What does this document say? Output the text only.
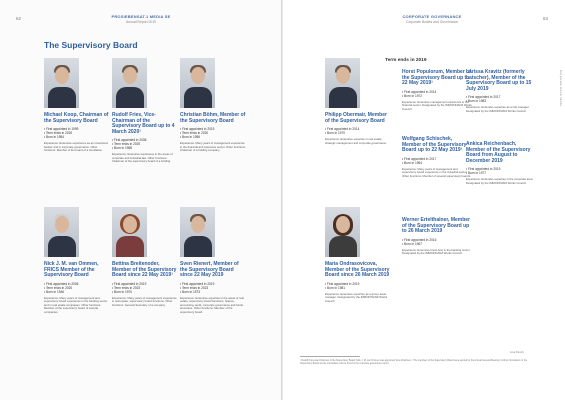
62	PROSIEBENSAT.1 MEDIA SE
Annual Report 2019
The Supervisory Board
Michael Koop, Chairman of the Supervisory Board
• First appointed in 1999
• Term ends in 2020
• Born in 1954
Experience: Extensive experience as an investment banker and in corporate governance. Other functions: Member of the board of a foundation.
Rudolf Fries, Vice-Chairman of the Supervisory Board up to 4 March 2020¹
• First appointed in 2008
• Term ends in 2020
• Born in 1958
Experience: Extensive experience in the areas of corporate and industrial law. Other functions: Chairman of the supervisory board of a holding.
Christian Böhm, Member of the Supervisory Board
• First appointed in 2015
• Term ends in 2020
• Born in 1956
Experience: Many years of management experience in the financial and insurance sector. Other functions: Chairman of a holding company.
Nick J. M. van Ommen, FRICS Member of the Supervisory Board
• First appointed in 2006
• Term ends in 2020
• Born in 1946
Experience: Many years of management and supervisory board experience in the banking sector and in real estate companies. Other functions: Member of the supervisory board of several companies.
Bettina Breitenoder, Member of the Supervisory Board since 22 May 2019¹
• First appointed in 2019
• Term ends in 2023
• Born in 1970
Experience: Many years of management experience in real estate, supervisory board functions. Other functions: General Secretary of a company.
Sven Rienert, Member of the Supervisory Board since 22 May 2019
• First appointed in 2019
• Term ends in 2023
• Born in 1973
Experience: Extensive expertise in the areas of real estate, supervisory board functions, finance, accounting, audit, corporate governance and funds structures. Other functions: Member of the supervisory board.
63
CORPORATE GOVERNANCE
Corporate Bodies and Governance
Philipp Obermair, Member of the Supervisory Board
• First appointed in 2014
• Born in 1970
Experience: Extensive expertise in real estate, strategic management and corporate governance.
Maria Ondrasovicova, Member of the Supervisory Board since 26 March 2019
• First appointed in 2019
• Born in 1981
Experience: Extensive expertise as a group asset manager. Designated by the IMMOFINANZ Works Council.
Term ends in 2019
Horst Populorum, Member of the Supervisory Board up to 22 May 2019¹
• First appointed in 2014
• Born in 1972
Experience: Extensive management experience in the financial sector. Designated by the IMMOFINANZ Works Council.
Wolfgang Schischek, Member of the Supervisory Board up to 22 May 2019¹
• First appointed in 2017
• Born in 1964
Experience: Many years of management and supervisory board experience in the industrial sector. Other functions: Member of several supervisory boards.
Werner Ertelthalner, Member of the Supervisory Board up to 26 March 2019
• First appointed in 2016
• Born in 1967
Experience: Extensive know-how in the banking sector. Designated by the IMMOFINANZ Works Council.
Larissa Kravitz (formerly Latscher), Member of the Supervisory Board up to 15 July 2019
• First appointed in 2017
• Born in 1983
Experience: Extensive expertise as a risk manager. Designated by the IMMOFINANZ Works Council.
Ankica Reichenbach, Member of the Supervisory Board from August to December 2019
• First appointed in 2019
• Born in 1977
Experience: Extensive expertise in the corporate area. Designated by the IMMOFINANZ Works Council.
Corporate Governance
Lisa Resch
¹ Rudolf Fries was Chairman of the Supervisory Board; Nick J. M. van Ommen was appointed Vice-Chairman. ² The members of the Supervisory Board were elected by the Annual General Meeting. Further information on the Supervisory Board and its committees can be found in the corporate governance report.
